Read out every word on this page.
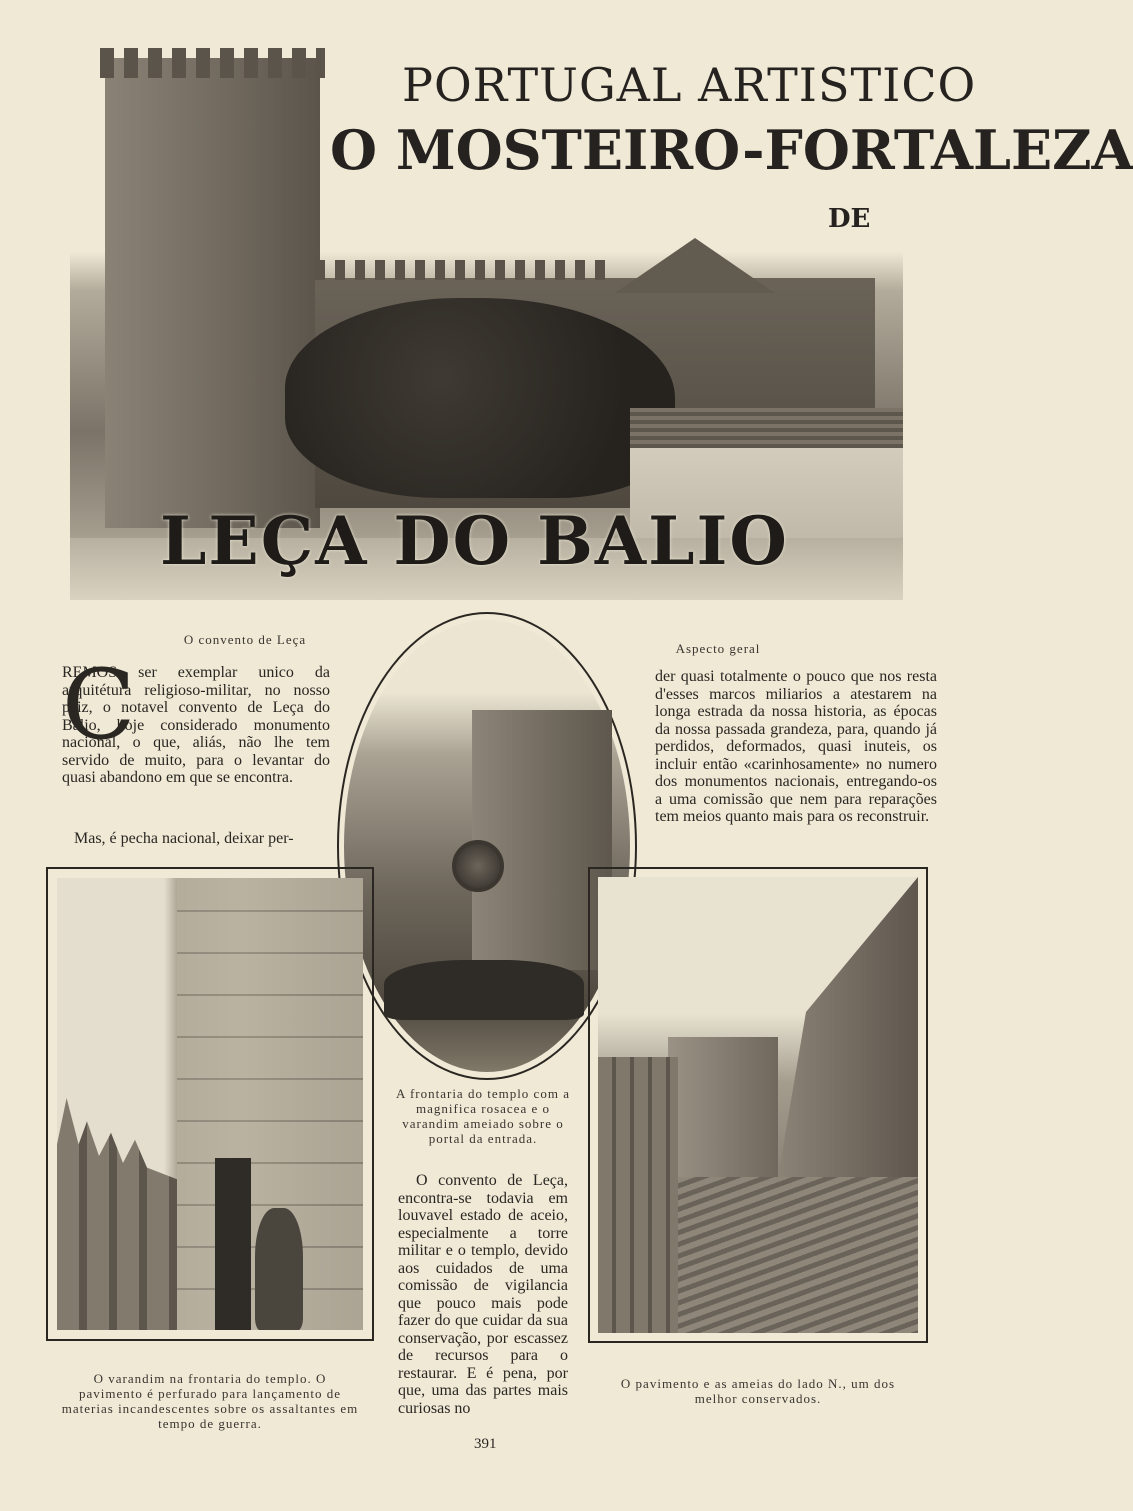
PORTUGAL ARTISTICO
O MOSTEIRO-FORTALEZA
DE
LEÇA DO BALIO
O convento de Leça
Aspecto geral
C
REMOS ser exemplar unico da arquitétura religioso-militar, no nosso paiz, o notavel convento de Leça do Balio, hoje considerado monumento nacional, o que, aliás, não lhe tem servido de muito, para o levantar do quasi abandono em que se encontra.
Mas, é pecha nacional, deixar per-
der quasi totalmente o pouco que nos resta d'esses marcos miliarios a atestarem na longa estrada da nossa historia, as épocas da nossa passada grandeza, para, quando já perdidos, deformados, quasi inuteis, os incluir então «carinhosamente» no numero dos monumentos nacionais, entregando-os a uma comissão que nem para reparações tem meios quanto mais para os reconstruir.
A frontaria do templo com a magnifica rosacea e o varandim ameiado sobre o portal da entrada.
O convento de Leça, encontra-se todavia em louvavel estado de aceio, especialmente a torre militar e o templo, devido aos cuidados de uma comissão de vigilancia que pouco mais pode fazer do que cuidar da sua conservação, por escassez de recursos para o restaurar. E é pena, por que, uma das partes mais curiosas no
O varandim na frontaria do templo. O pavimento é perfurado para lançamento de materias incandescentes sobre os assaltantes em tempo de guerra.
O pavimento e as ameias do lado N., um dos melhor conservados.
391
